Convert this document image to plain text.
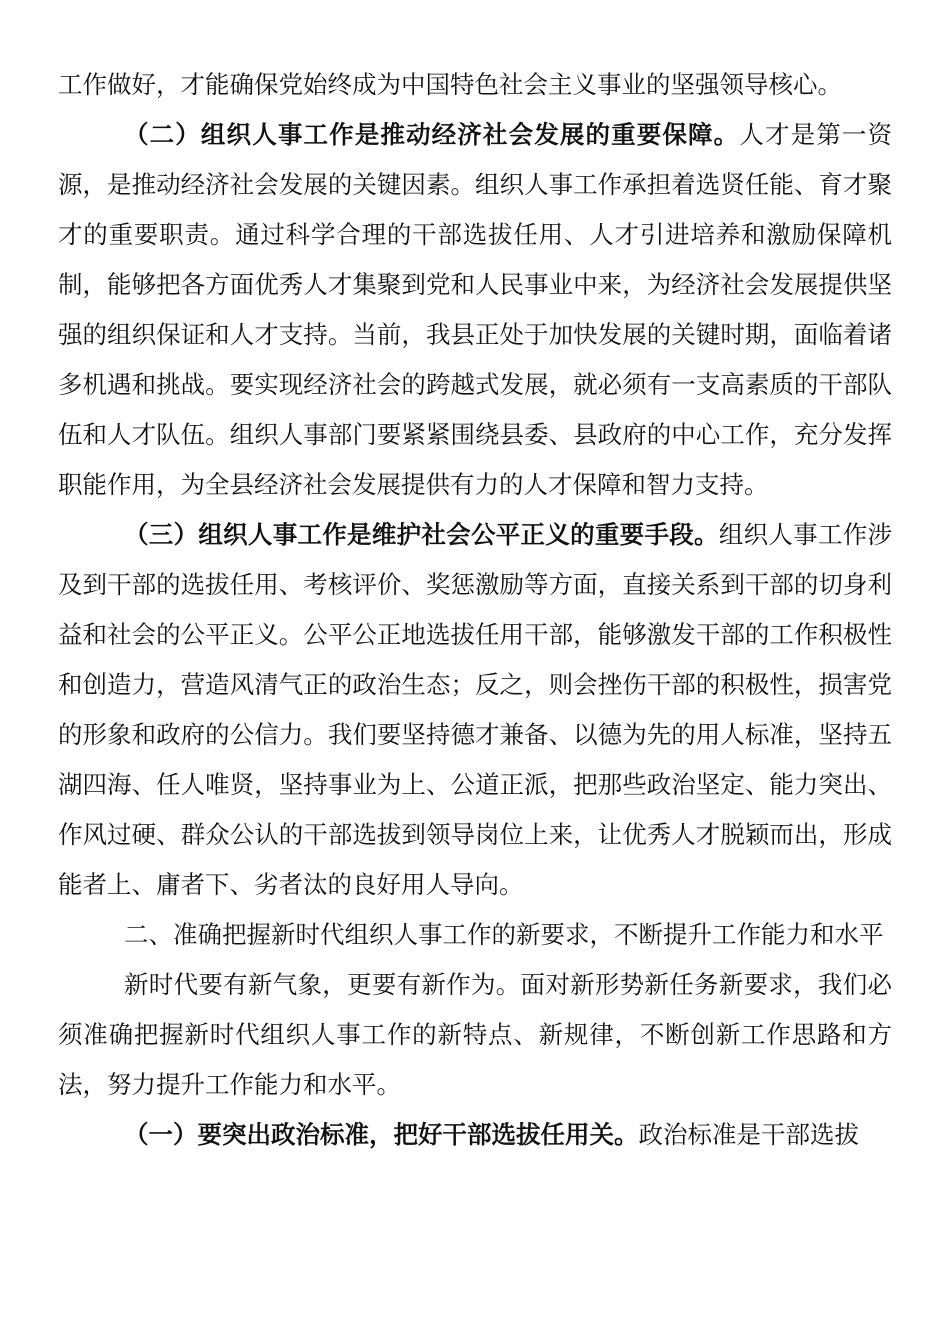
工作做好，才能确保党始终成为中国特色社会主义事业的坚强领导核心。

（二）组织人事工作是推动经济社会发展的重要保障。人才是第一资源，是推动经济社会发展的关键因素。组织人事工作承担着选贤任能、育才聚才的重要职责。通过科学合理的干部选拔任用、人才引进培养和激励保障机制，能够把各方面优秀人才集聚到党和人民事业中来，为经济社会发展提供坚强的组织保证和人才支持。当前，我县正处于加快发展的关键时期，面临着诸多机遇和挑战。要实现经济社会的跨越式发展，就必须有一支高素质的干部队伍和人才队伍。组织人事部门要紧紧围绕县委、县政府的中心工作，充分发挥职能作用，为全县经济社会发展提供有力的人才保障和智力支持。

（三）组织人事工作是维护社会公平正义的重要手段。组织人事工作涉及到干部的选拔任用、考核评价、奖惩激励等方面，直接关系到干部的切身利益和社会的公平正义。公平公正地选拔任用干部，能够激发干部的工作积极性和创造力，营造风清气正的政治生态；反之，则会挫伤干部的积极性，损害党的形象和政府的公信力。我们要坚持德才兼备、以德为先的用人标准，坚持五湖四海、任人唯贤，坚持事业为上、公道正派，把那些政治坚定、能力突出、作风过硬、群众公认的干部选拔到领导岗位上来，让优秀人才脱颖而出，形成能者上、庸者下、劣者汰的良好用人导向。

二、准确把握新时代组织人事工作的新要求，不断提升工作能力和水平

新时代要有新气象，更要有新作为。面对新形势新任务新要求，我们必须准确把握新时代组织人事工作的新特点、新规律，不断创新工作思路和方法，努力提升工作能力和水平。

（一）要突出政治标准，把好干部选拔任用关。政治标准是干部选拔
